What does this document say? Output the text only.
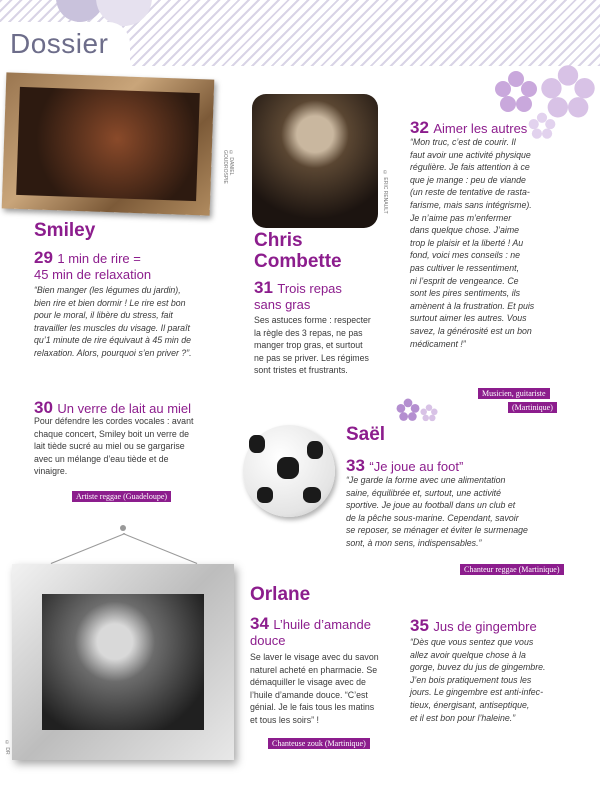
Dossier
© DANIEL GOUDROSPIE
© ERIC RENAULT
© DR
Smiley
29 1 min de rire =
45 min de relaxation
“Bien manger (les légumes du jardin),
bien rire et bien dormir ! Le rire est bon
pour le moral, il libère du stress, fait
travailler les muscles du visage. Il paraît
qu’1 minute de rire équivaut à 45 min de
relaxation. Alors, pourquoi s’en priver ?”.
30 Un verre de lait au miel
Pour défendre les cordes vocales : avant
chaque concert, Smiley boit un verre de
lait tiède sucré au miel ou se gargarise
avec un mélange d’eau tiède et de
vinaigre.
Artiste reggae (Guadeloupe)
Chris
Combette
31 Trois repas
sans gras
Ses astuces forme : respecter
la règle des 3 repas, ne pas
manger trop gras, et surtout
ne pas se priver. Les régimes
sont tristes et frustrants.
32 Aimer les autres
“Mon truc, c’est de courir. Il
faut avoir une activité physique
régulière. Je fais attention à ce
que je mange : peu de viande
(un reste de tentative de rasta-
farisme, mais sans intégrisme).
Je n’aime pas m’enfermer
dans quelque chose. J’aime
trop le plaisir et la liberté ! Au
fond, voici mes conseils : ne
pas cultiver le ressentiment,
ni l’esprit de vengeance. Ce
sont les pires sentiments, ils
amènent à la frustration. Et puis
surtout aimer les autres. Vous
savez, la générosité est un bon
médicament !”
Musicien, guitariste
(Martinique)
Saël
33 “Je joue au foot”
“Je garde la forme avec une alimentation
saine, équilibrée et, surtout, une activité
sportive. Je joue au football dans un club et
de la pêche sous-marine. Cependant, savoir
se reposer, se ménager et éviter le surmenage
sont, à mon sens, indispensables.”
Chanteur reggae (Martinique)
Orlane
34 L’huile d’amande
douce
Se laver le visage avec du savon
naturel acheté en pharmacie. Se
démaquiller le visage avec de
l’huile d’amande douce. “C’est
génial. Je le fais tous les matins
et tous les soirs” !
Chanteuse zouk (Martinique)
35 Jus de gingembre
“Dès que vous sentez que vous
allez avoir quelque chose à la
gorge, buvez du jus de gingembre.
J’en bois pratiquement tous les
jours. Le gingembre est anti-infec-
tieux, énergisant, antiseptique,
et il est bon pour l’haleine.”
